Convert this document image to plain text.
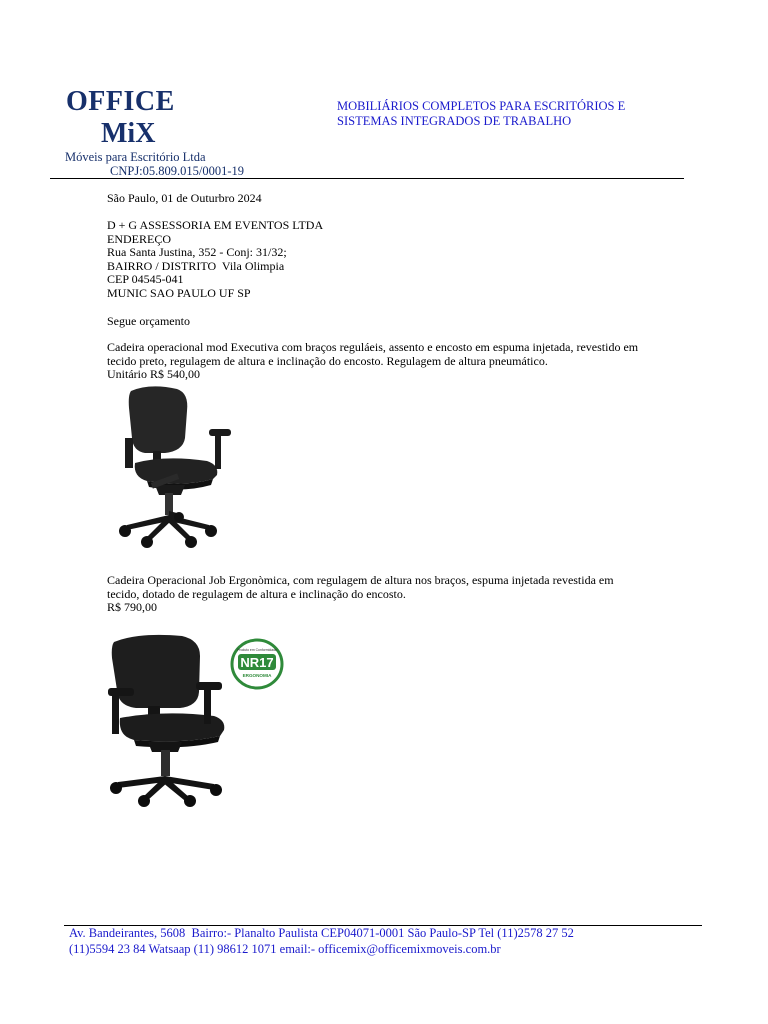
OFFICE
MiX
Móveis para Escritório Ltda
CNPJ:05.809.015/0001-19
MOBILIÁRIOS COMPLETOS PARA ESCRITÓRIOS E
SISTEMAS INTEGRADOS DE TRABALHO
São Paulo, 01 de Outurbro 2024
D + G ASSESSORIA EM EVENTOS LTDA
ENDEREÇO
Rua Santa Justina, 352 - Conj: 31/32;
BAIRRO / DISTRITO  Vila Olimpia
CEP 04545-041
MUNIC SAO PAULO UF SP
Segue orçamento
Cadeira operacional mod Executiva com braços reguláeis, assento e encosto em espuma injetada, revestido em tecido preto, regulagem de altura e inclinação do encosto. Regulagem de altura pneumático.
Unitário R$ 540,00
Cadeira Operacional Job Ergonòmica, com regulagem de altura nos braços, espuma injetada revestida em tecido, dotado de regulagem de altura e inclinação do encosto.
R$ 790,00
Produto em Conformidade
NR17
ERGONOMIA
Av. Bandeirantes, 5608  Bairro:- Planalto Paulista CEP04071-0001 São Paulo-SP Tel (11)2578 27 52
(11)5594 23 84 Watsaap (11) 98612 1071 email:- officemix@officemixmoveis.com.br
